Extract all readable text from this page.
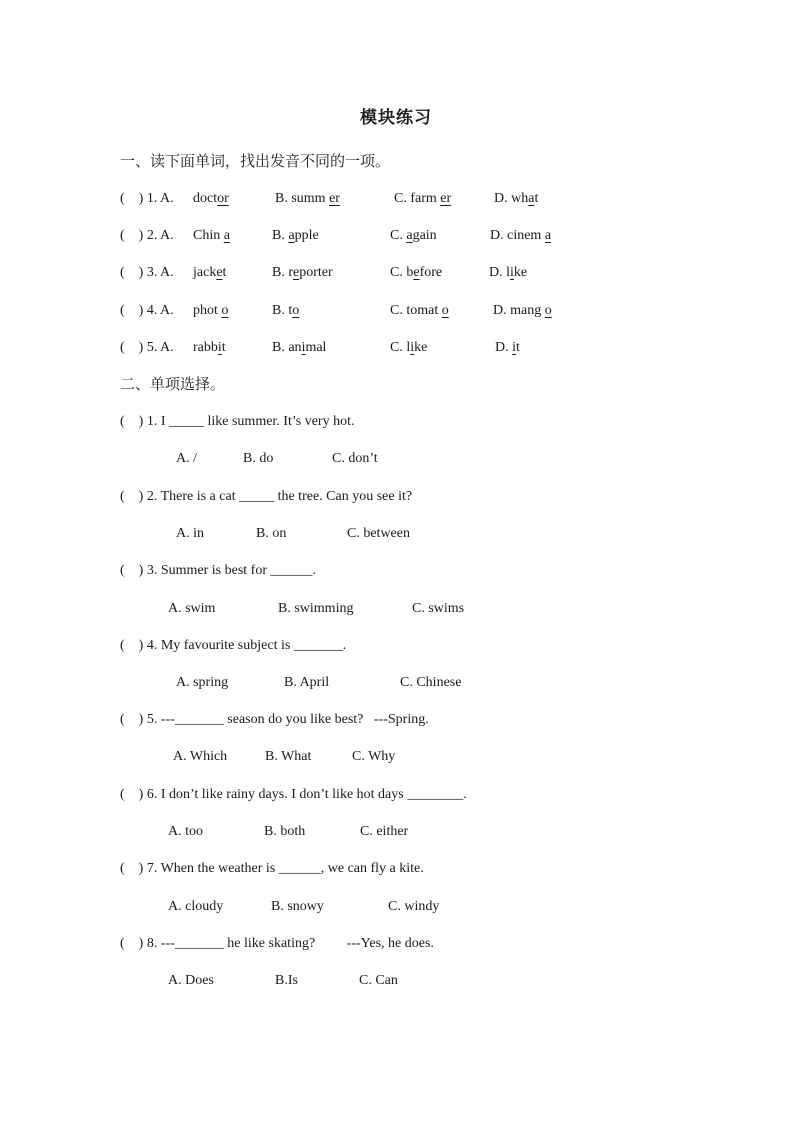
模块练习
一、读下面单词，找出发音不同的一项。
(    ) 1. A. doctor	B. summ er	C. farm er	D. what
(    ) 2. A. Chin a	B. apple	C. again	D. cinem a
(    ) 3. A. jacket	B. reporter	C. before	D. like
(    ) 4. A. phot o	B. to	C. tomat o	D. mang o
(    ) 5. A. rabbit	B. animal	C. like	D. it
二、单项选择。
(    ) 1. I _____ like summer. It’s very hot.
A. /	B. do	C. don’t
(    ) 2. There is a cat _____ the tree. Can you see it?
A. in	B. on	C. between
(    ) 3. Summer is best for ______.
A. swim	B. swimming	C. swims
(    ) 4. My favourite subject is _______.
A. spring	B. April	C. Chinese
(    ) 5. ---_______ season do you like best?   ---Spring.
A. Which	B. What	C. Why
(    ) 6. I don’t like rainy days. I don’t like hot days ________.
A. too	B. both	C. either
(    ) 7. When the weather is ______, we can fly a kite.
A. cloudy	B. snowy	C. windy
(    ) 8. ---_______ he like skating?         ---Yes, he does.
A. Does	B.Is	C. Can
